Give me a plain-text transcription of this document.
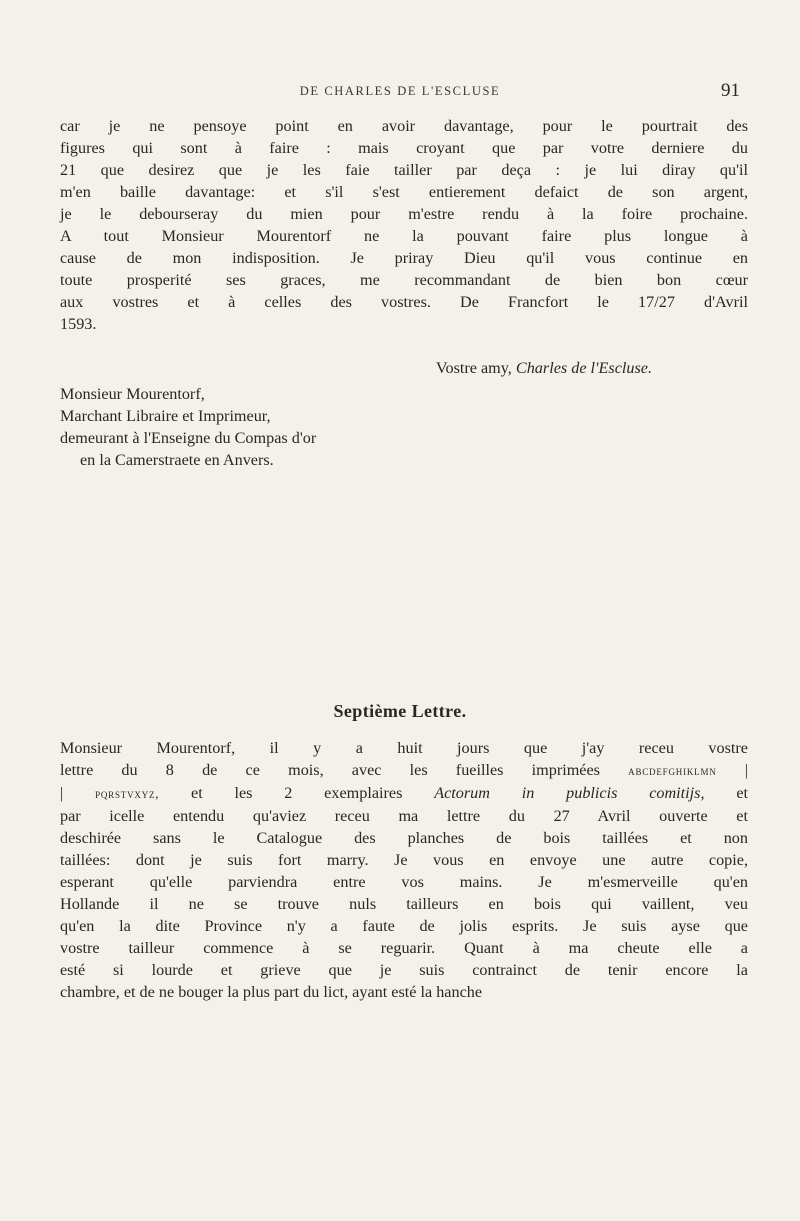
DE CHARLES DE L'ESCLUSE	91
car je ne pensoye point en avoir davantage, pour le pourtrait des
figures qui sont à faire : mais croyant que par votre derniere du
21 que desirez que je les faie tailler par deça : je lui diray qu'il
m'en baille davantage: et s'il s'est entierement defaict de son argent,
je le debourseray du mien pour m'estre rendu à la foire prochaine.
A tout Monsieur Mourentorf ne la pouvant faire plus longue à
cause de mon indisposition. Je priray Dieu qu'il vous continue en
toute prosperité ses graces, me recommandant de bien bon cœur
aux vostres et à celles des vostres. De Francfort le 17/27 d'Avril
1593.
Vostre amy, Charles de l'Escluse.
Monsieur Mourentorf,
Marchant Libraire et Imprimeur,
demeurant à l'Enseigne du Compas d'or
en la Camerstraete en Anvers.
Septième Lettre.
Monsieur Mourentorf, il y a huit jours que j'ay receu vostre
lettre du 8 de ce mois, avec les fueilles imprimées abcdefghiklmn |
|	pqrstvxyz, et les 2 exemplaires Actorum in publicis comitijs, et
par icelle entendu qu'aviez receu ma lettre du 27 Avril ouverte et
deschirée sans le Catalogue des planches de bois taillées et non
taillées: dont je suis fort marry. Je vous en envoye une autre copie,
esperant qu'elle parviendra entre vos mains. Je m'esmerveille qu'en
Hollande il ne se trouve nuls tailleurs en bois qui vaillent, veu
qu'en la dite Province n'y a faute de jolis esprits. Je suis ayse que
vostre tailleur commence à se reguarir. Quant à ma cheute elle a
esté si lourde et grieve que je suis contrainct de tenir encore la
chambre, et de ne bouger la plus part du lict, ayant esté la hanche
